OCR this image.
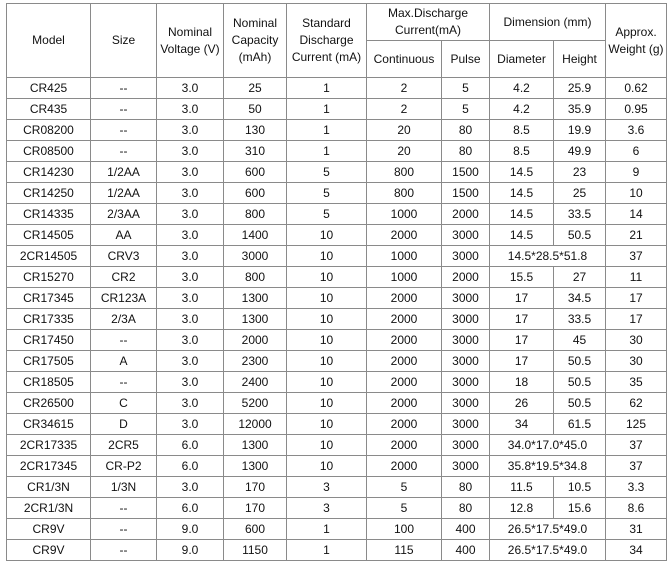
Model	Size	Nominal Voltage (V)	Nominal Capacity (mAh)	Standard Discharge Current (mA)	Max.Discharge Current(mA)		Dimension (mm)		Approx. Weight (g)
					Continuous	Pulse	Diameter	Height	
CR425	--	3.0	25	1	2	5	4.2	25.9	0.62
CR435	--	3.0	50	1	2	5	4.2	35.9	0.95
CR08200	--	3.0	130	1	20	80	8.5	19.9	3.6
CR08500	--	3.0	310	1	20	80	8.5	49.9	6
CR14230	1/2AA	3.0	600	5	800	1500	14.5	23	9
CR14250	1/2AA	3.0	600	5	800	1500	14.5	25	10
CR14335	2/3AA	3.0	800	5	1000	2000	14.5	33.5	14
CR14505	AA	3.0	1400	10	2000	3000	14.5	50.5	21
2CR14505	CRV3	3.0	3000	10	1000	3000	14.5*28.5*51.8		37
CR15270	CR2	3.0	800	10	1000	2000	15.5	27	11
CR17345	CR123A	3.0	1300	10	2000	3000	17	34.5	17
CR17335	2/3A	3.0	1300	10	2000	3000	17	33.5	17
CR17450	--	3.0	2000	10	2000	3000	17	45	30
CR17505	A	3.0	2300	10	2000	3000	17	50.5	30
CR18505	--	3.0	2400	10	2000	3000	18	50.5	35
CR26500	C	3.0	5200	10	2000	3000	26	50.5	62
CR34615	D	3.0	12000	10	2000	3000	34	61.5	125
2CR17335	2CR5	6.0	1300	10	2000	3000	34.0*17.0*45.0		37
2CR17345	CR-P2	6.0	1300	10	2000	3000	35.8*19.5*34.8		37
CR1/3N	1/3N	3.0	170	3	5	80	11.5	10.5	3.3
2CR1/3N	--	6.0	170	3	5	80	12.8	15.6	8.6
CR9V	--	9.0	600	1	100	400	26.5*17.5*49.0		31
CR9V	--	9.0	1150	1	115	400	26.5*17.5*49.0		34
